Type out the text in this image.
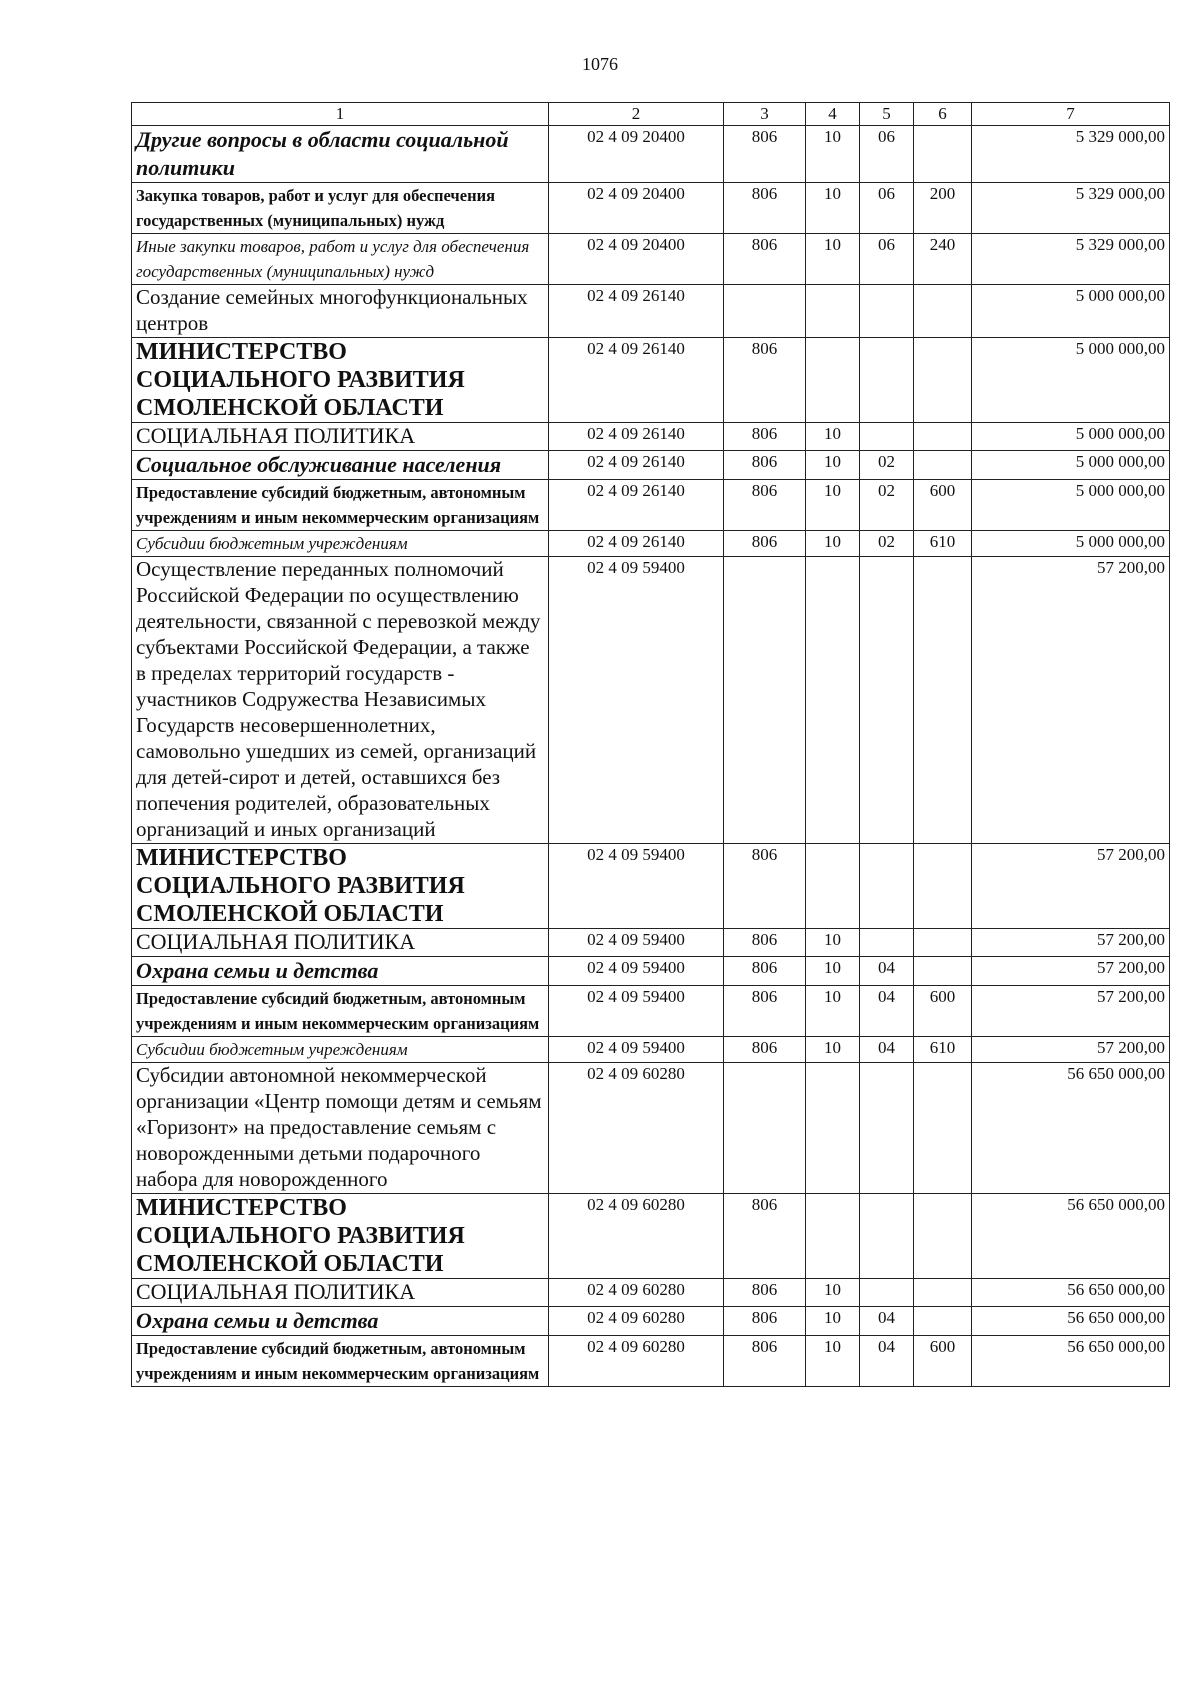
1076
1	2	3	4	5	6	7
Другие вопросы в области социальной политики	02 4 09 20400	806	10	06		5 329 000,00
Закупка товаров, работ и услуг для обеспечения государственных (муниципальных) нужд	02 4 09 20400	806	10	06	200	5 329 000,00
Иные закупки товаров, работ и услуг для обеспечения государственных (муниципальных) нужд	02 4 09 20400	806	10	06	240	5 329 000,00
Создание семейных многофункциональных центров	02 4 09 26140					5 000 000,00
МИНИСТЕРСТВО СОЦИАЛЬНОГО РАЗВИТИЯ СМОЛЕНСКОЙ ОБЛАСТИ	02 4 09 26140	806				5 000 000,00
СОЦИАЛЬНАЯ ПОЛИТИКА	02 4 09 26140	806	10			5 000 000,00
Социальное обслуживание населения	02 4 09 26140	806	10	02		5 000 000,00
Предоставление субсидий бюджетным, автономным учреждениям и иным некоммерческим организациям	02 4 09 26140	806	10	02	600	5 000 000,00
Субсидии бюджетным учреждениям	02 4 09 26140	806	10	02	610	5 000 000,00
Осуществление переданных полномочий Российской Федерации по осуществлению деятельности, связанной с перевозкой между субъектами Российской Федерации, а также в пределах территорий государств - участников Содружества Независимых Государств несовершеннолетних, самовольно ушедших из семей, организаций для детей-сирот и детей, оставшихся без попечения родителей, образовательных организаций и иных организаций	02 4 09 59400					57 200,00
МИНИСТЕРСТВО СОЦИАЛЬНОГО РАЗВИТИЯ СМОЛЕНСКОЙ ОБЛАСТИ	02 4 09 59400	806				57 200,00
СОЦИАЛЬНАЯ ПОЛИТИКА	02 4 09 59400	806	10			57 200,00
Охрана семьи и детства	02 4 09 59400	806	10	04		57 200,00
Предоставление субсидий бюджетным, автономным учреждениям и иным некоммерческим организациям	02 4 09 59400	806	10	04	600	57 200,00
Субсидии бюджетным учреждениям	02 4 09 59400	806	10	04	610	57 200,00
Субсидии автономной некоммерческой организации «Центр помощи детям и семьям «Горизонт» на предоставление семьям с новорожденными детьми подарочного набора для новорожденного	02 4 09 60280					56 650 000,00
МИНИСТЕРСТВО СОЦИАЛЬНОГО РАЗВИТИЯ СМОЛЕНСКОЙ ОБЛАСТИ	02 4 09 60280	806				56 650 000,00
СОЦИАЛЬНАЯ ПОЛИТИКА	02 4 09 60280	806	10			56 650 000,00
Охрана семьи и детства	02 4 09 60280	806	10	04		56 650 000,00
Предоставление субсидий бюджетным, автономным учреждениям и иным некоммерческим организациям	02 4 09 60280	806	10	04	600	56 650 000,00
